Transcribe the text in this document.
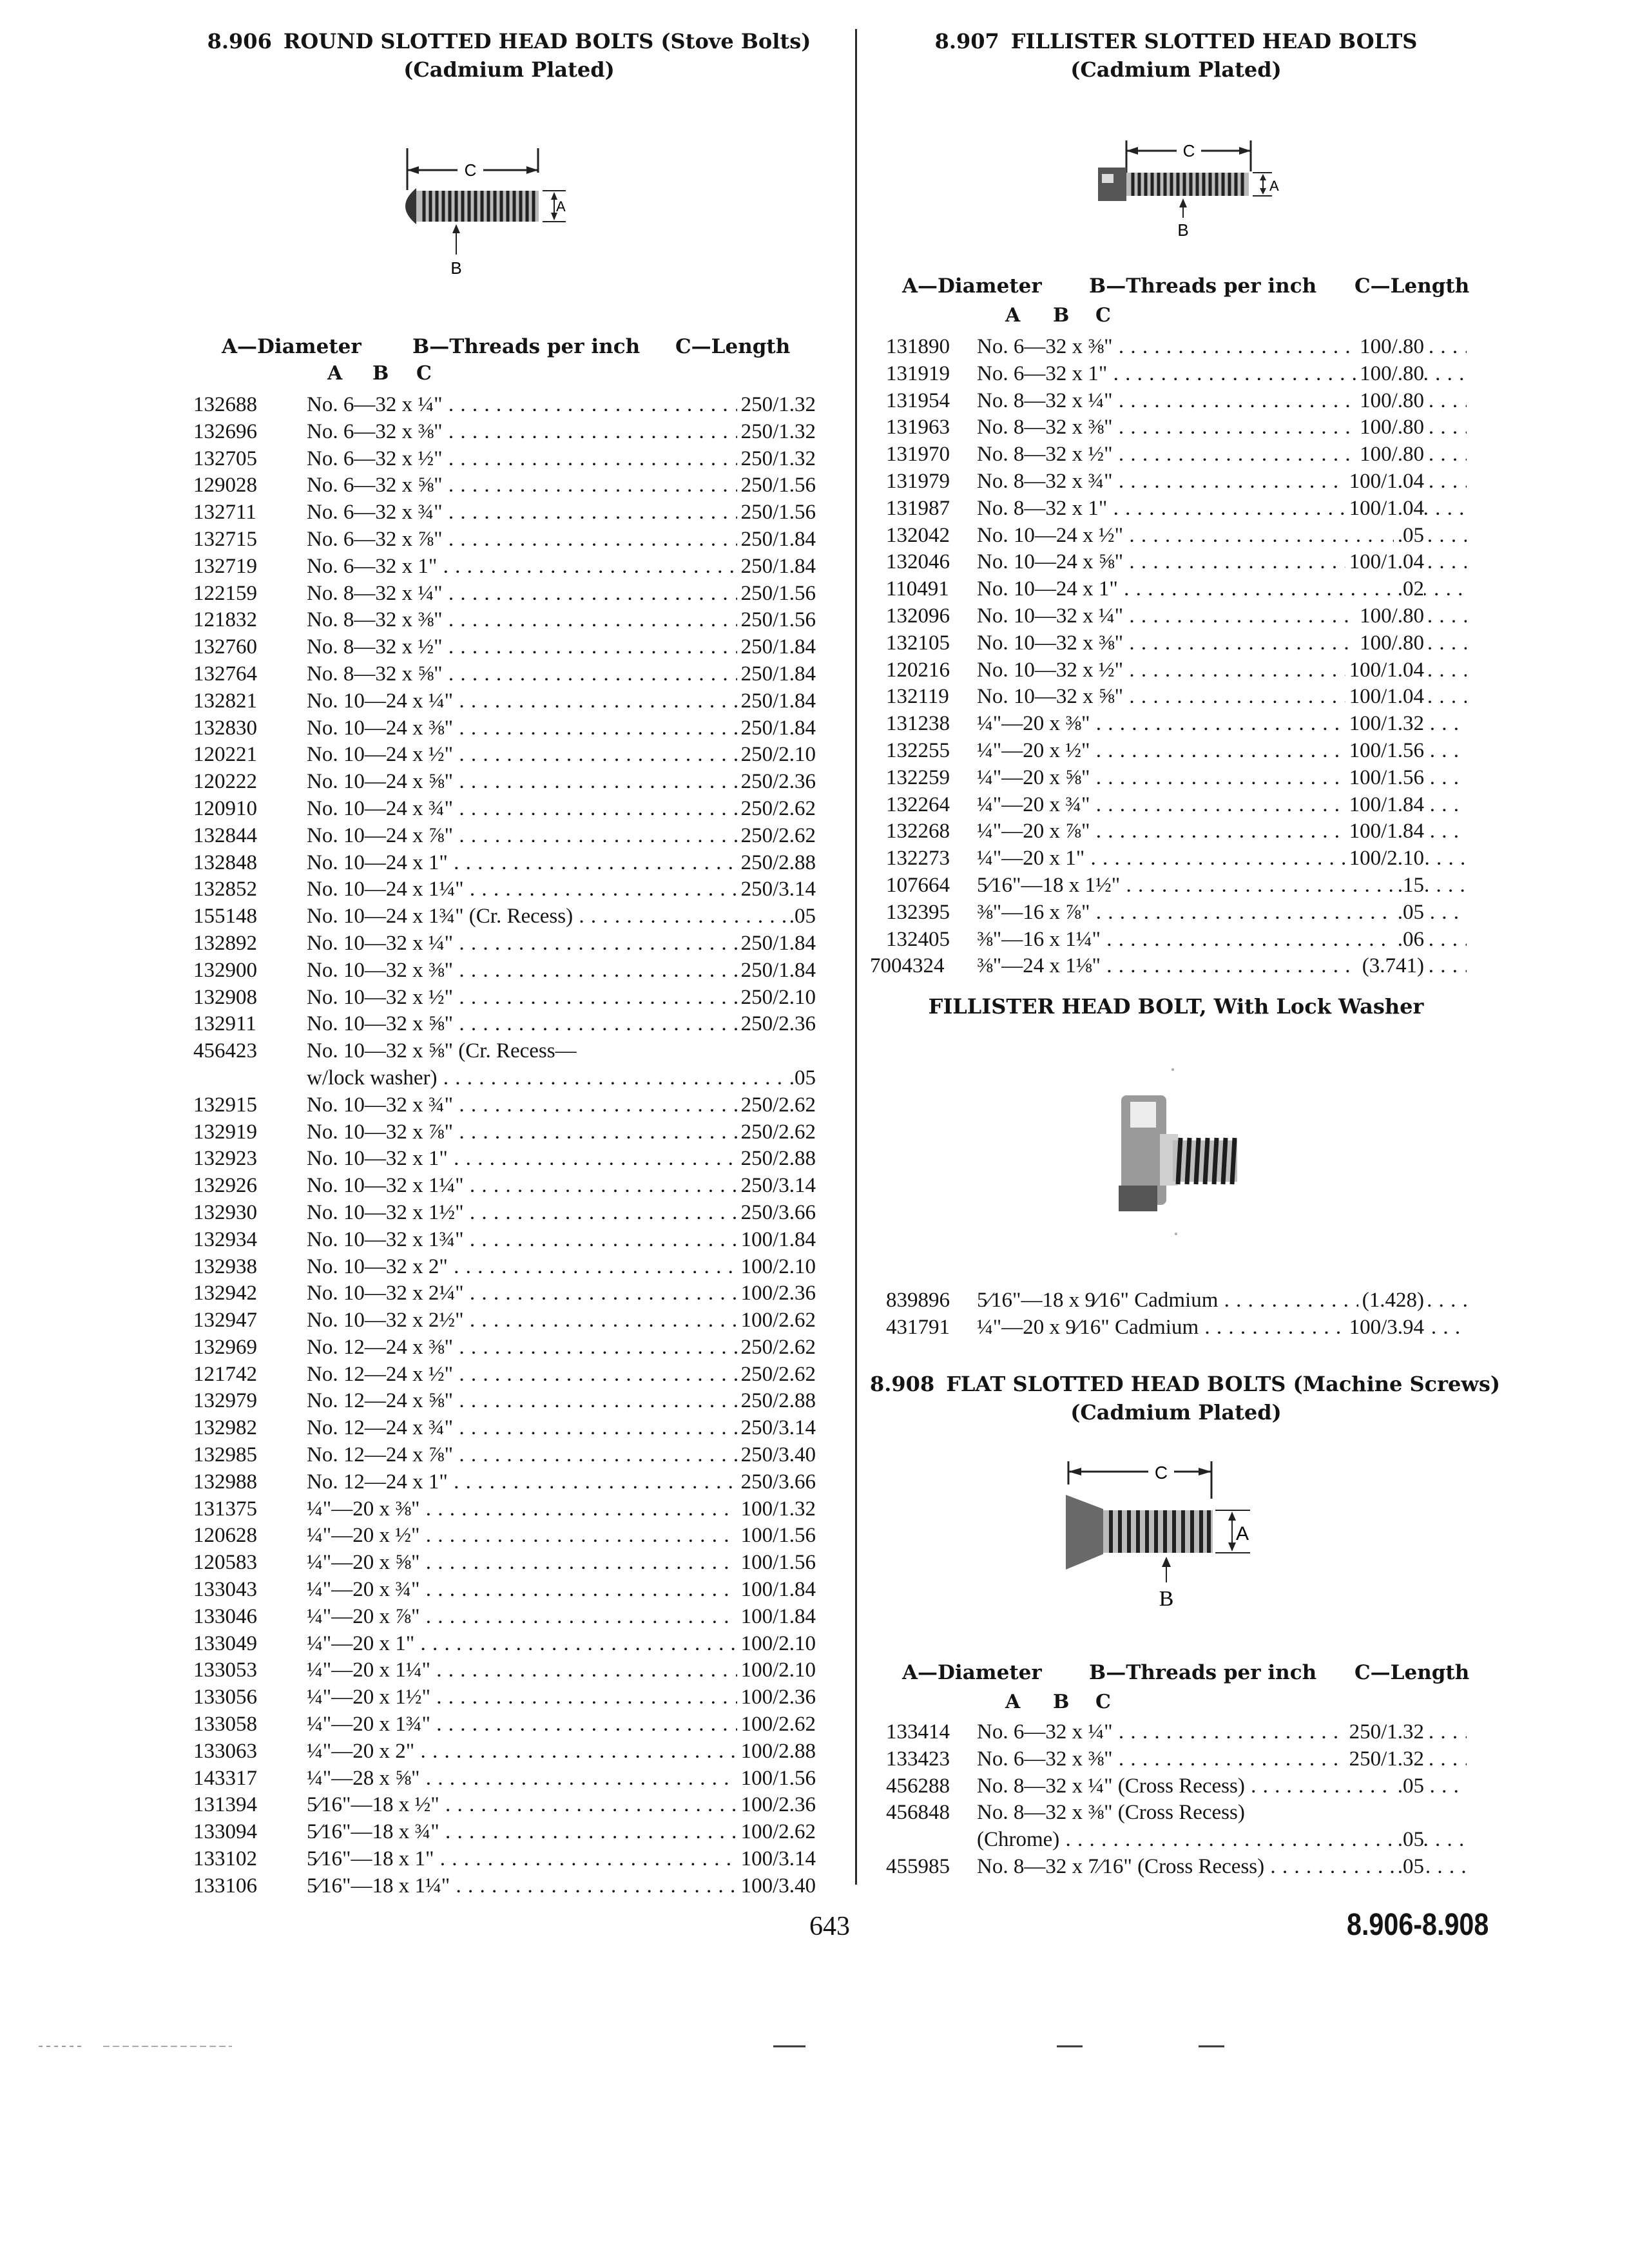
8.906 ROUND SLOTTED HEAD BOLTS (Stove Bolts)
(Cadmium Plated)
C
A
B
A—Diameter	B—Threads per inch C—Length
A B C
132688 No. 6—32 x ¼" . . .	250/1.32
132696 No. 6—32 x ⅜" . . .	250/1.32
132705 No. 6—32 x ½" . . .	250/1.32
129028 No. 6—32 x ⅝" . . .	250/1.56
132711 No. 6—32 x ¾" . . .	250/1.56
132715 No. 6—32 x ⅞" . . .	250/1.84
132719 No. 6—32 x 1" . . .	250/1.84
122159 No. 8—32 x ¼" . . .	250/1.56
121832 No. 8—32 x ⅜" . . .	250/1.56
132760 No. 8—32 x ½" . . .	250/1.84
132764 No. 8—32 x ⅝" . . .	250/1.84
132821 No. 10—24 x ¼" . . .	250/1.84
132830 No. 10—24 x ⅜" . . .	250/1.84
120221 No. 10—24 x ½" . . .	250/2.10
120222 No. 10—24 x ⅝" . . .	250/2.36
120910 No. 10—24 x ¾" . . .	250/2.62
132844 No. 10—24 x ⅞" . . .	250/2.62
132848 No. 10—24 x 1" . . .	250/2.88
132852 No. 10—24 x 1¼" . . .	250/3.14
155148 No. 10—24 x 1¾" (Cr. Recess) . . .	.05
132892 No. 10—32 x ¼" . . .	250/1.84
132900 No. 10—32 x ⅜" . . .	250/1.84
132908 No. 10—32 x ½" . . .	250/2.10
132911 No. 10—32 x ⅝" . . .	250/2.36
456423 No. 10—32 x ⅝" (Cr. Recess—
w/lock washer) . . .	.05
132915 No. 10—32 x ¾" . . .	250/2.62
132919 No. 10—32 x ⅞" . . .	250/2.62
132923 No. 10—32 x 1" . . .	250/2.88
132926 No. 10—32 x 1¼" . . .	250/3.14
132930 No. 10—32 x 1½" . . .	250/3.66
132934 No. 10—32 x 1¾" . . .	100/1.84
132938 No. 10—32 x 2" . . .	100/2.10
132942 No. 10—32 x 2¼" . . .	100/2.36
132947 No. 10—32 x 2½" . . .	100/2.62
132969 No. 12—24 x ⅜" . . .	250/2.62
121742 No. 12—24 x ½" . . .	250/2.62
132979 No. 12—24 x ⅝" . . .	250/2.88
132982 No. 12—24 x ¾" . . .	250/3.14
132985 No. 12—24 x ⅞" . . .	250/3.40
132988 No. 12—24 x 1" . . .	250/3.66
131375 ¼"—20 x ⅜" . . .	100/1.32
120628 ¼"—20 x ½" . . .	100/1.56
120583 ¼"—20 x ⅝" . . .	100/1.56
133043 ¼"—20 x ¾" . . .	100/1.84
133046 ¼"—20 x ⅞" . . .	100/1.84
133049 ¼"—20 x 1" . . .	100/2.10
133053 ¼"—20 x 1¼" . . .	100/2.10
133056 ¼"—20 x 1½" . . .	100/2.36
133058 ¼"—20 x 1¾" . . .	100/2.62
133063 ¼"—20 x 2" . . .	100/2.88
143317 ¼"—28 x ⅝" . . .	100/1.56
131394 5⁄16"—18 x ½" . . .	100/2.36
133094 5⁄16"—18 x ¾" . . .	100/2.62
133102 5⁄16"—18 x 1" . . .	100/3.14
133106 5⁄16"—18 x 1¼" . . .	100/3.40
8.907 FILLISTER SLOTTED HEAD BOLTS
(Cadmium Plated)
C
A
B
A—Diameter B—Threads per inch C—Length
A B C
131890 No. 6—32 x ⅜" . . .	100/.80
131919 No. 6—32 x 1" . . .	100/.80
131954 No. 8—32 x ¼" . . .	100/.80
131963 No. 8—32 x ⅜" . . .	100/.80
131970 No. 8—32 x ½" . . .	100/.80
131979 No. 8—32 x ¾" . . .	100/1.04
131987 No. 8—32 x 1" . . .	100/1.04
132042 No. 10—24 x ½" . . .	.05
132046 No. 10—24 x ⅝" . . .	100/1.04
110491 No. 10—24 x 1" . . .	.02
132096 No. 10—32 x ¼" . . .	100/.80
132105 No. 10—32 x ⅜" . . .	100/.80
120216 No. 10—32 x ½" . . .	100/1.04
132119 No. 10—32 x ⅝" . . .	100/1.04
131238 ¼"—20 x ⅜" . . .	100/1.32
132255 ¼"—20 x ½" . . .	100/1.56
132259 ¼"—20 x ⅝" . . .	100/1.56
132264 ¼"—20 x ¾" . . .	100/1.84
132268 ¼"—20 x ⅞" . . .	100/1.84
132273 ¼"—20 x 1" . . .	100/2.10
107664 5⁄16"—18 x 1½" . . .	.15
132395 ⅜"—16 x ⅞" . . .	.05
132405 ⅜"—16 x 1¼" . . .	.06
7004324 ⅜"—24 x 1⅛" . . .	(3.741)
FILLISTER HEAD BOLT, With Lock Washer
839896 5⁄16"—18 x 9⁄16" Cadmium . . .	(1.428)
431791 ¼"—20 x 9⁄16" Cadmium . . .	100/3.94
8.908 FLAT SLOTTED HEAD BOLTS (Machine Screws)
(Cadmium Plated)
C
A
B
A—Diameter B—Threads per inch C—Length
A B C
133414 No. 6—32 x ¼" . . .	250/1.32
133423 No. 6—32 x ⅜" . . .	250/1.32
456288 No. 8—32 x ¼" (Cross Recess) . . .	.05
456848 No. 8—32 x ⅜" (Cross Recess)
(Chrome) . . .	.05
455985 No. 8—32 x 7⁄16" (Cross Recess) . . .	.05
643	8.906-8.908
